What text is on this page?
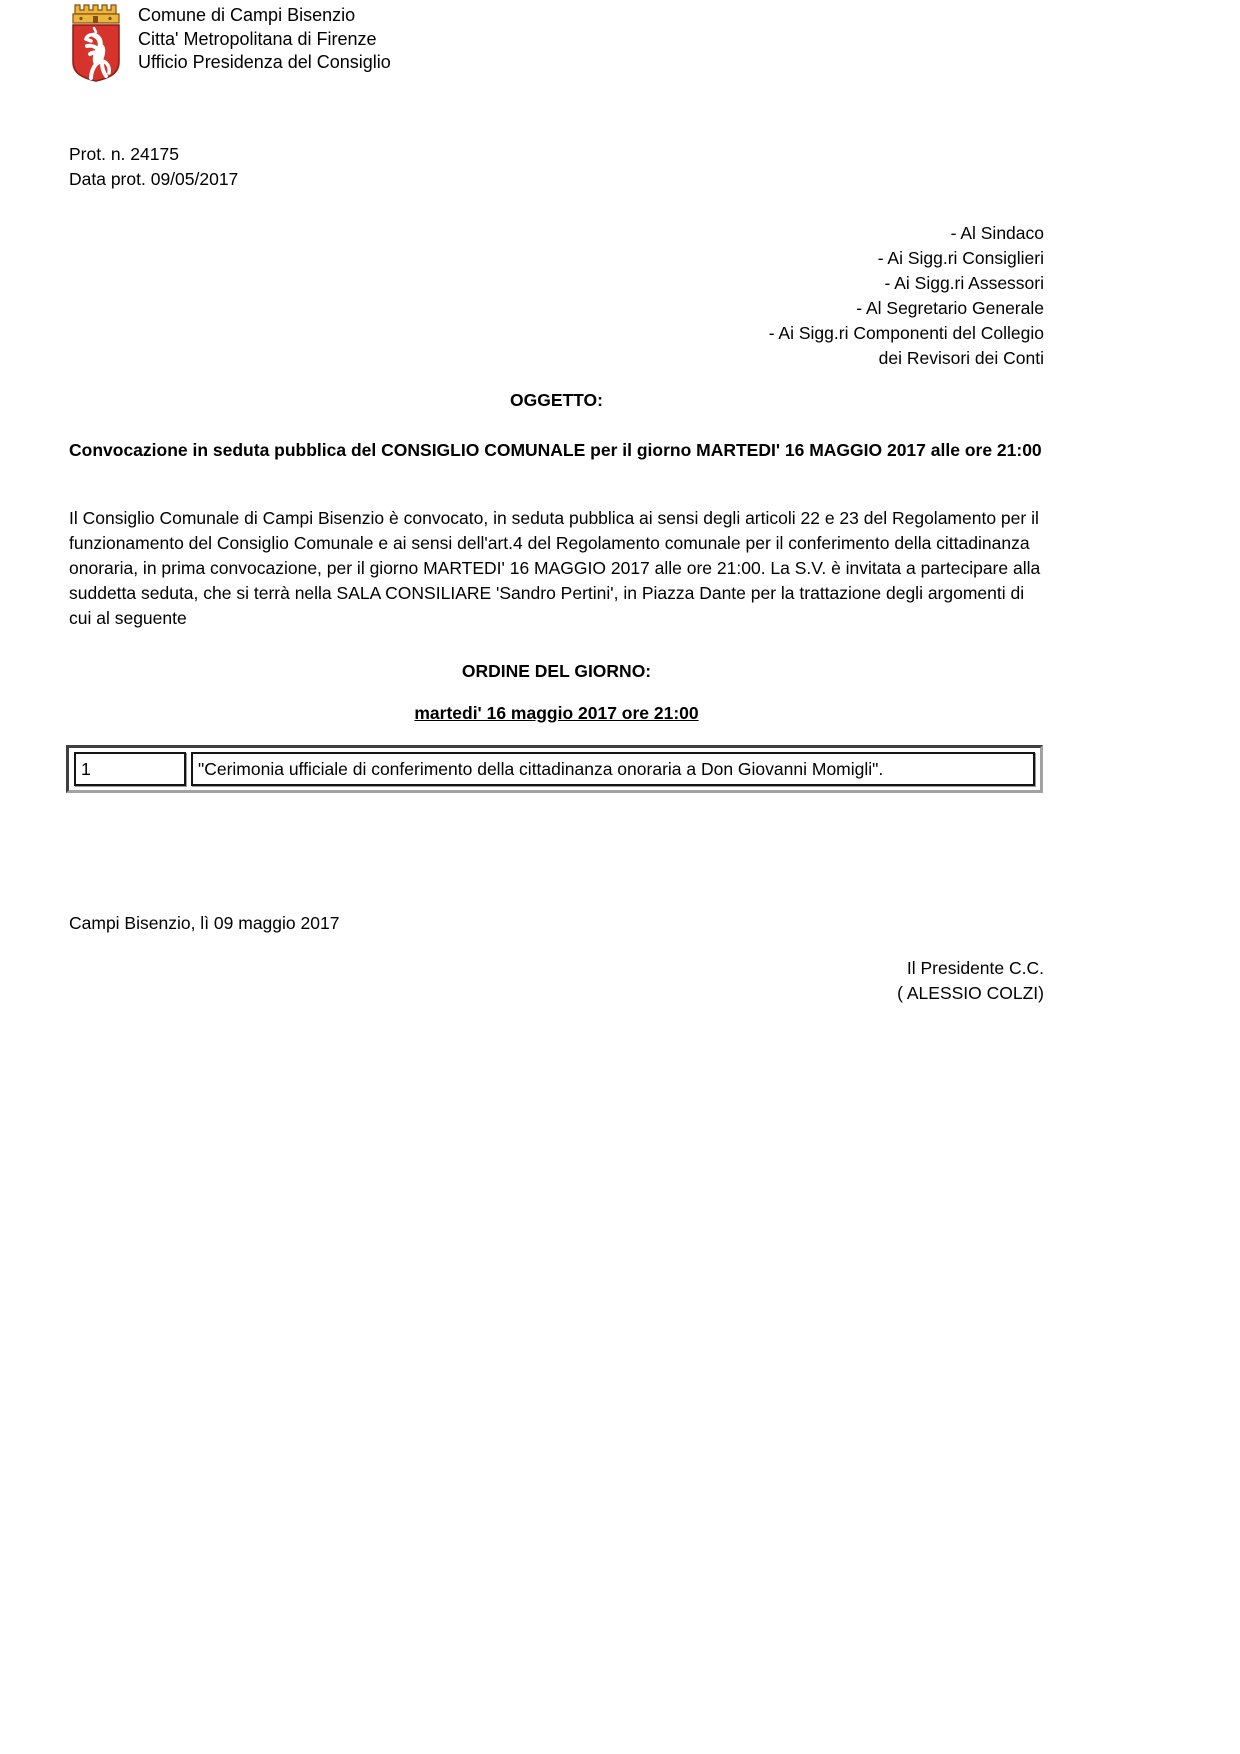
Comune di Campi Bisenzio
Citta' Metropolitana di Firenze
Ufficio Presidenza del Consiglio
Prot. n. 24175
Data prot. 09/05/2017
- Al Sindaco
- Ai Sigg.ri Consiglieri
- Ai Sigg.ri Assessori
- Al Segretario Generale
- Ai Sigg.ri Componenti del Collegio
dei Revisori dei Conti
OGGETTO:
Convocazione in seduta pubblica del CONSIGLIO COMUNALE per il giorno MARTEDI' 16 MAGGIO 2017 alle ore 21:00
Il Consiglio Comunale di Campi Bisenzio è convocato, in seduta pubblica ai sensi degli articoli 22 e 23 del Regolamento per il funzionamento del Consiglio Comunale e ai sensi dell'art.4 del Regolamento comunale per il conferimento della cittadinanza onoraria, in prima convocazione, per il giorno MARTEDI' 16 MAGGIO 2017 alle ore 21:00. La S.V. è invitata a partecipare alla suddetta seduta, che si terrà nella SALA CONSILIARE 'Sandro Pertini', in Piazza Dante per la trattazione degli argomenti di cui al seguente
ORDINE DEL GIORNO:
martedi' 16 maggio 2017 ore 21:00
1	"Cerimonia ufficiale di conferimento della cittadinanza onoraria a Don Giovanni Momigli".
Campi Bisenzio, lì 09 maggio 2017
Il Presidente C.C.
( ALESSIO COLZI)
